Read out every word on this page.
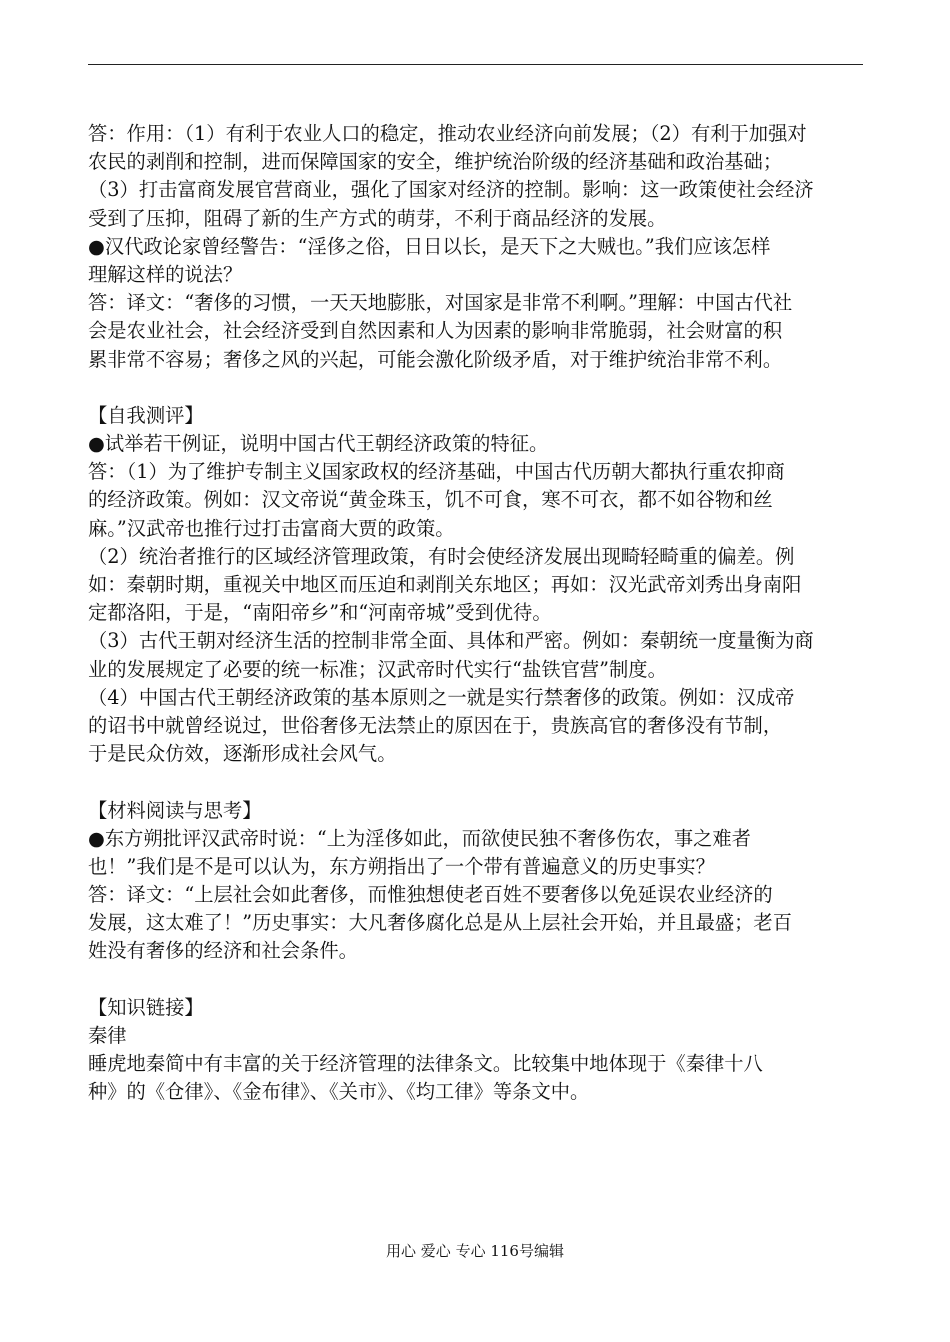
答：作用：（1）有利于农业人口的稳定，推动农业经济向前发展；（2）有利于加强对
农民的剥削和控制，进而保障国家的安全，维护统治阶级的经济基础和政治基础；
（3）打击富商发展官营商业，强化了国家对经济的控制。影响：这一政策使社会经济
受到了压抑，阻碍了新的生产方式的萌芽，不利于商品经济的发展。
●汉代政论家曾经警告：“淫侈之俗，日日以长，是天下之大贼也。”我们应该怎样
理解这样的说法？
答：译文：“奢侈的习惯，一天天地膨胀，对国家是非常不利啊。”理解：中国古代社
会是农业社会，社会经济受到自然因素和人为因素的影响非常脆弱，社会财富的积
累非常不容易；奢侈之风的兴起，可能会激化阶级矛盾，对于维护统治非常不利。
【自我测评】
●试举若干例证，说明中国古代王朝经济政策的特征。
答：（1）为了维护专制主义国家政权的经济基础，中国古代历朝大都执行重农抑商
的经济政策。例如：汉文帝说“黄金珠玉，饥不可食，寒不可衣，都不如谷物和丝
麻。”汉武帝也推行过打击富商大贾的政策。
（2）统治者推行的区域经济管理政策，有时会使经济发展出现畸轻畸重的偏差。例
如：秦朝时期，重视关中地区而压迫和剥削关东地区；再如：汉光武帝刘秀出身南阳
定都洛阳，于是，“南阳帝乡”和“河南帝城”受到优待。
（3）古代王朝对经济生活的控制非常全面、具体和严密。例如：秦朝统一度量衡为商
业的发展规定了必要的统一标准；汉武帝时代实行“盐铁官营”制度。
（4）中国古代王朝经济政策的基本原则之一就是实行禁奢侈的政策。例如：汉成帝
的诏书中就曾经说过，世俗奢侈无法禁止的原因在于，贵族高官的奢侈没有节制，
于是民众仿效，逐渐形成社会风气。
【材料阅读与思考】
●东方朔批评汉武帝时说：“上为淫侈如此，而欲使民独不奢侈伤农，事之难者
也！”我们是不是可以认为，东方朔指出了一个带有普遍意义的历史事实？
答：译文：“上层社会如此奢侈，而惟独想使老百姓不要奢侈以免延误农业经济的
发展，这太难了！”历史事实：大凡奢侈腐化总是从上层社会开始，并且最盛；老百
姓没有奢侈的经济和社会条件。
【知识链接】
秦律
睡虎地秦简中有丰富的关于经济管理的法律条文。比较集中地体现于《秦律十八
种》的《仓律》、《金布律》、《关市》、《均工律》等条文中。
用心 爱心 专心 116号编辑
